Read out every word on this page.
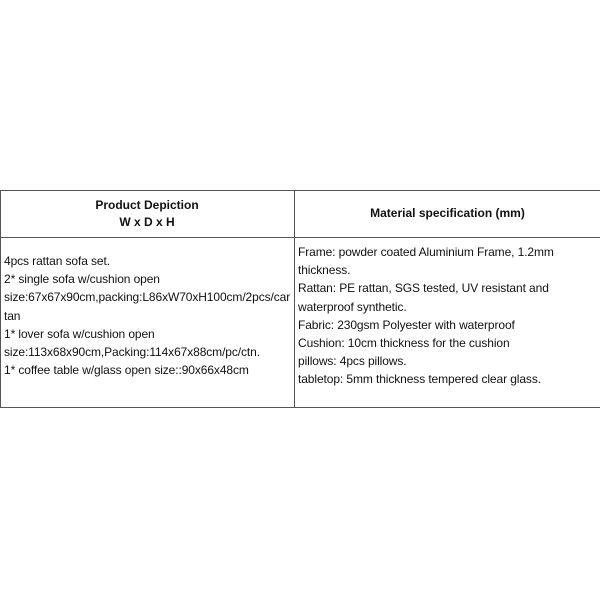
Product Depiction
W x D x H
Material specification (mm)
4pcs rattan sofa set.
2* single sofa w/cushion open
size:67x67x90cm,packing:L86xW70xH100cm/2pcs/car
tan
1* lover sofa w/cushion open
size:113x68x90cm,Packing:114x67x88cm/pc/ctn.
1* coffee table w/glass open size::90x66x48cm
Frame: powder coated Aluminium Frame, 1.2mm
thickness.
Rattan: PE rattan, SGS tested, UV resistant and
waterproof synthetic.
Fabric: 230gsm Polyester with waterproof
Cushion: 10cm thickness for the cushion
pillows: 4pcs pillows.
tabletop: 5mm thickness tempered clear glass.
